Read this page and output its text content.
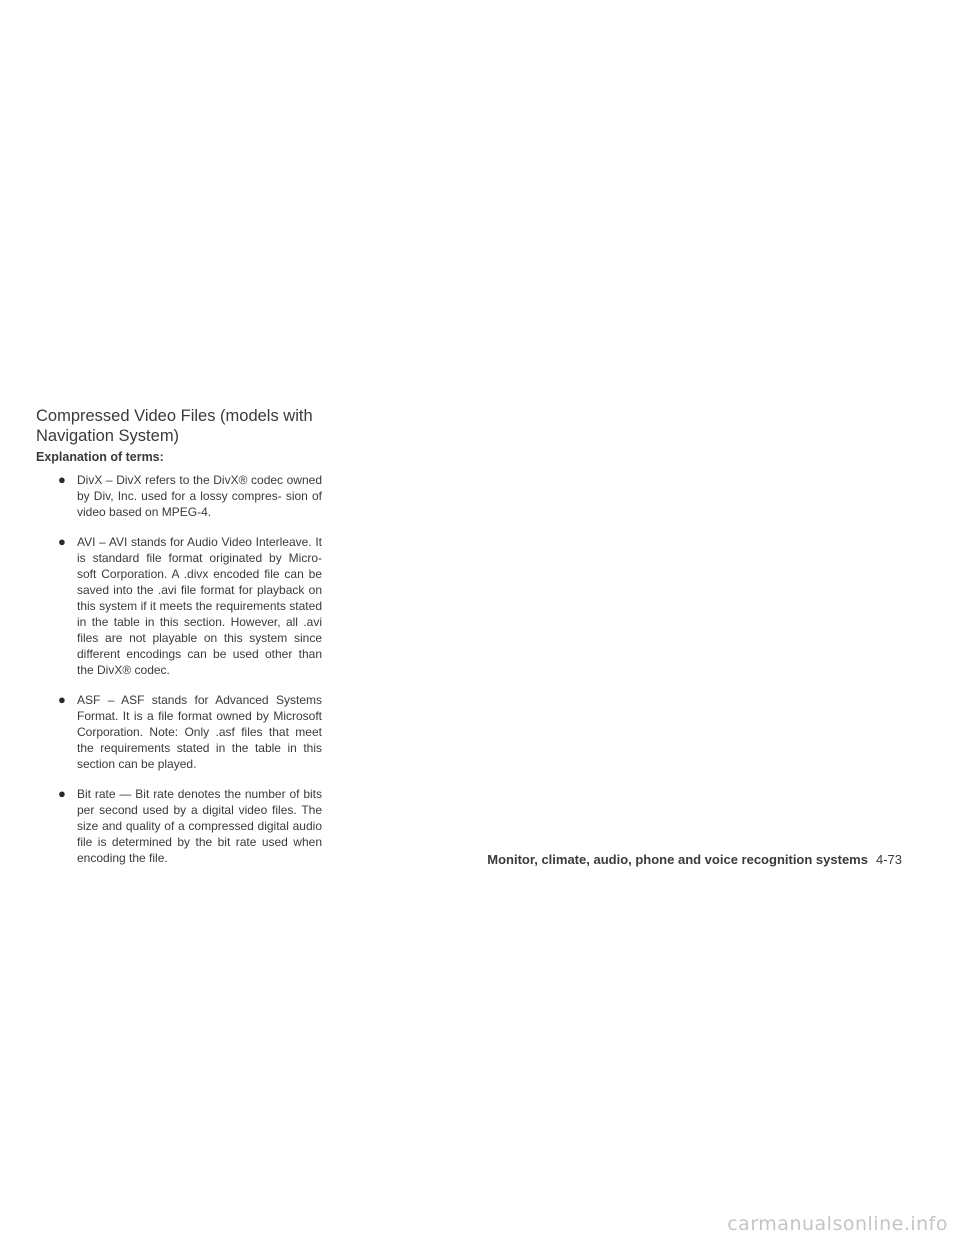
Compressed Video Files (models with Navigation System)
Explanation of terms:
● DivX – DivX refers to the DivX® codec owned by Div, Inc. used for a lossy compres- sion of video based on MPEG-4.
● AVI – AVI stands for Audio Video Interleave. It is standard file format originated by Micro- soft Corporation. A .divx encoded file can be saved into the .avi file format for playback on this system if it meets the requirements stated in the table in this section. However, all .avi files are not playable on this system since different encodings can be used other than the DivX® codec.
● ASF – ASF stands for Advanced Systems Format. It is a file format owned by Microsoft Corporation. Note: Only .asf files that meet the requirements stated in the table in this section can be played.
● Bit rate — Bit rate denotes the number of bits per second used by a digital video files. The size and quality of a compressed digital audio file is determined by the bit rate used when encoding the file.	Monitor, climate, audio, phone and voice recognition systems 4-73
carmanualsonline.info
